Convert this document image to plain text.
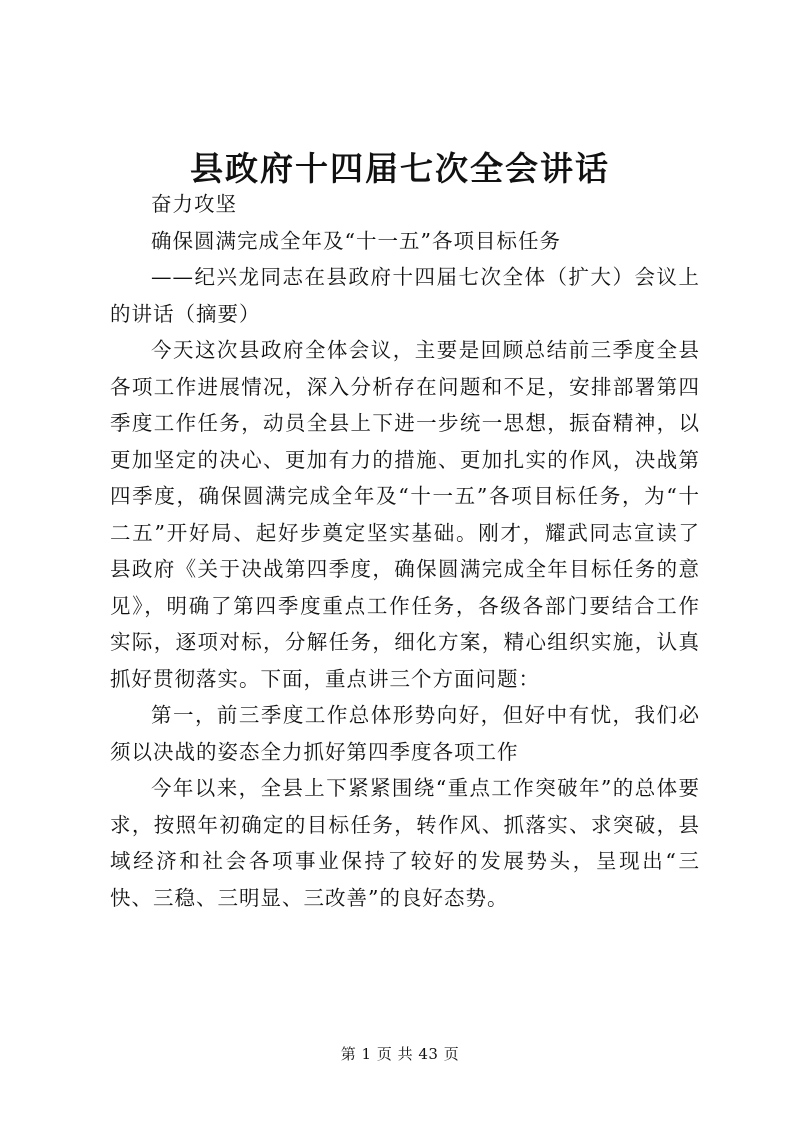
县政府十四届七次全会讲话

奋力攻坚

确保圆满完成全年及“十一五”各项目标任务

——纪兴龙同志在县政府十四届七次全体（扩大）会议上的讲话（摘要）

今天这次县政府全体会议，主要是回顾总结前三季度全县各项工作进展情况，深入分析存在问题和不足，安排部署第四季度工作任务，动员全县上下进一步统一思想，振奋精神，以更加坚定的决心、更加有力的措施、更加扎实的作风，决战第四季度，确保圆满完成全年及“十一五”各项目标任务，为“十二五”开好局、起好步奠定坚实基础。刚才，耀武同志宣读了县政府《关于决战第四季度，确保圆满完成全年目标任务的意见》，明确了第四季度重点工作任务，各级各部门要结合工作实际，逐项对标，分解任务，细化方案，精心组织实施，认真抓好贯彻落实。下面，重点讲三个方面问题：

第一，前三季度工作总体形势向好，但好中有忧，我们必须以决战的姿态全力抓好第四季度各项工作

今年以来，全县上下紧紧围绕“重点工作突破年”的总体要求，按照年初确定的目标任务，转作风、抓落实、求突破，县域经济和社会各项事业保持了较好的发展势头，呈现出“三快、三稳、三明显、三改善”的良好态势。

第 1 页 共 43 页
